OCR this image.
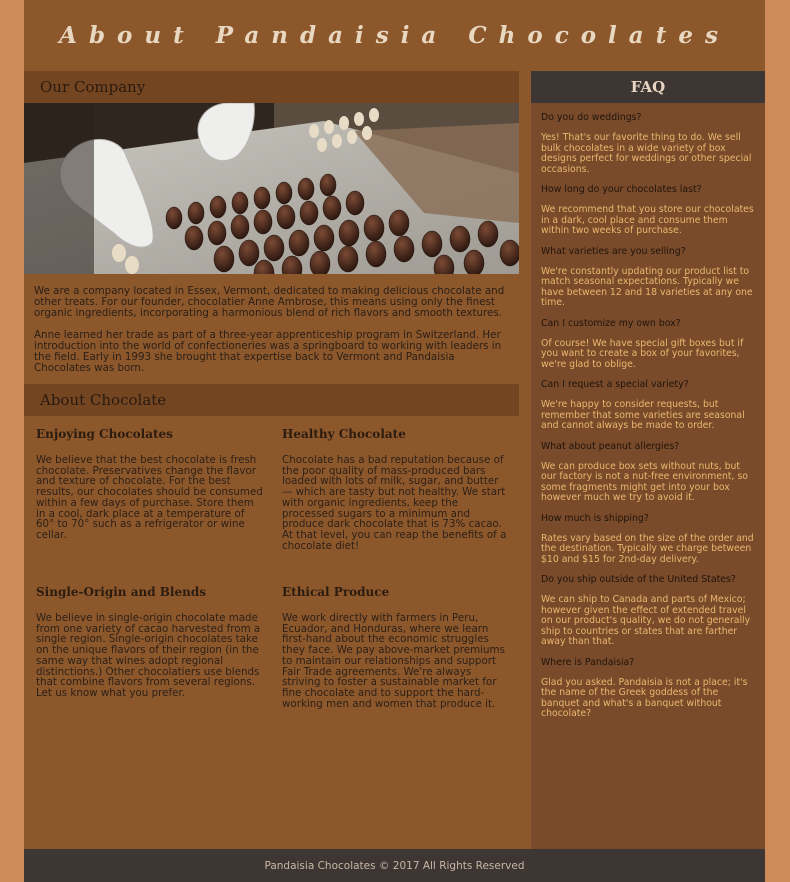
About Pandaisia Chocolates
Our Company

We are a company located in Essex, Vermont, dedicated to making delicious chocolate and other treats. For our founder, chocolatier Anne Ambrose, this means using only the finest organic ingredients, incorporating a harmonious blend of rich flavors and smooth textures.

Anne learned her trade as part of a three-year apprenticeship program in Switzerland. Her introduction into the world of confectioneries was a springboard to working with leaders in the field. Early in 1993 she brought that expertise back to Vermont and Pandaisia Chocolates was born.

About Chocolate
Enjoying Chocolates

We believe that the best chocolate is fresh chocolate. Preservatives change the flavor and texture of chocolate. For the best results, our chocolates should be consumed within a few days of purchase. Store them in a cool, dark place at a temperature of 60° to 70° such as a refrigerator or wine cellar.

Healthy Chocolate

Chocolate has a bad reputation because of the poor quality of mass-produced bars loaded with lots of milk, sugar, and butter — which are tasty but not healthy. We start with organic ingredients, keep the processed sugars to a minimum and produce dark chocolate that is 73% cacao. At that level, you can reap the benefits of a chocolate diet!

Single-Origin and Blends

We believe in single-origin chocolate made from one variety of cacao harvested from a single region. Single-origin chocolates take on the unique flavors of their region (in the same way that wines adopt regional distinctions.) Other chocolatiers use blends that combine flavors from several regions. Let us know what you prefer.

Ethical Produce

We work directly with farmers in Peru, Ecuador, and Honduras, where we learn first-hand about the economic struggles they face. We pay above-market premiums to maintain our relationships and support Fair Trade agreements. We're always striving to foster a sustainable market for fine chocolate and to support the hard-working men and women that produce it.

FAQ
Do you do weddings?
Yes! That's our favorite thing to do. We sell bulk chocolates in a wide variety of box designs perfect for weddings or other special occasions.
How long do your chocolates last?
We recommend that you store our chocolates in a dark, cool place and consume them within two weeks of purchase.
What varieties are you selling?
We're constantly updating our product list to match seasonal expectations. Typically we have between 12 and 18 varieties at any one time.
Can I customize my own box?
Of course! We have special gift boxes but if you want to create a box of your favorites, we're glad to oblige.
Can I request a special variety?
We're happy to consider requests, but remember that some varieties are seasonal and cannot always be made to order.
What about peanut allergies?
We can produce box sets without nuts, but our factory is not a nut-free environment, so some fragments might get into your box however much we try to avoid it.
How much is shipping?
Rates vary based on the size of the order and the destination. Typically we charge between $10 and $15 for 2nd-day delivery.
Do you ship outside of the United States?
We can ship to Canada and parts of Mexico; however given the effect of extended travel on our product's quality, we do not generally ship to countries or states that are farther away than that.
Where is Pandaisia?
Glad you asked. Pandaisia is not a place; it's the name of the Greek goddess of the banquet and what's a banquet without chocolate?
Pandaisia Chocolates © 2017 All Rights Reserved
